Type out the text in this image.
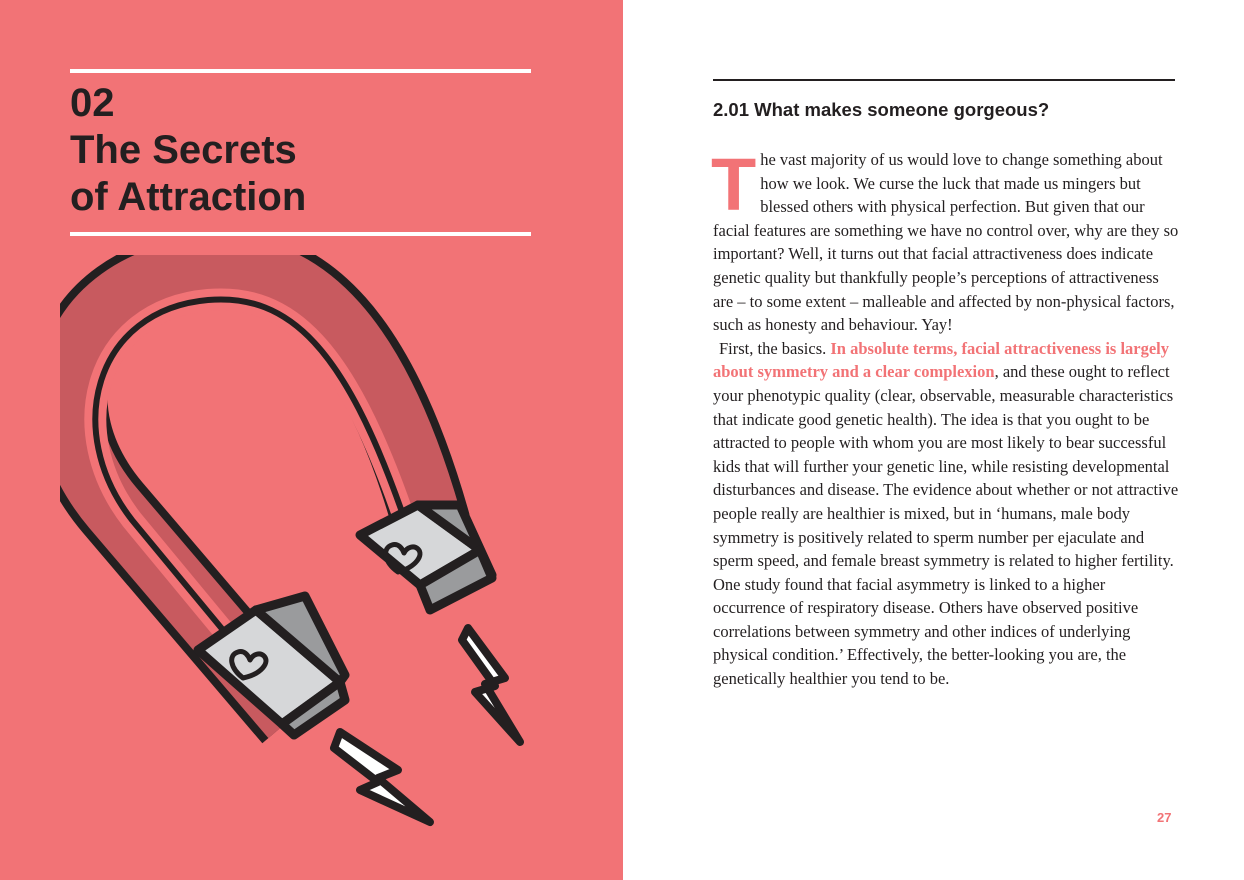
02
The Secrets
of Attraction
2.01 What makes someone gorgeous?

The vast majority of us would love to change something about how we look. We curse the luck that made us mingers but blessed others with physical perfection. But given that our facial features are something we have no control over, why are they so important? Well, it turns out that facial attractiveness does indicate genetic quality but thankfully people’s perceptions of attractiveness are – to some extent – malleable and affected by non-physical factors, such as honesty and behaviour. Yay!

First, the basics. In absolute terms, facial attractiveness is largely about symmetry and a clear complexion, and these ought to reflect your phenotypic quality (clear, observable, measurable characteristics that indicate good genetic health). The idea is that you ought to be attracted to people with whom you are most likely to bear successful kids that will further your genetic line, while resisting developmental disturbances and disease. The evidence about whether or not attractive people really are healthier is mixed, but in ‘humans, male body symmetry is positively related to sperm number per ejaculate and sperm speed, and female breast symmetry is related to higher fertility. One study found that facial asymmetry is linked to a higher occurrence of respiratory disease. Others have observed positive correlations between symmetry and other indices of underlying physical condition.’ Effectively, the better-looking you are, the genetically healthier you tend to be.

27
